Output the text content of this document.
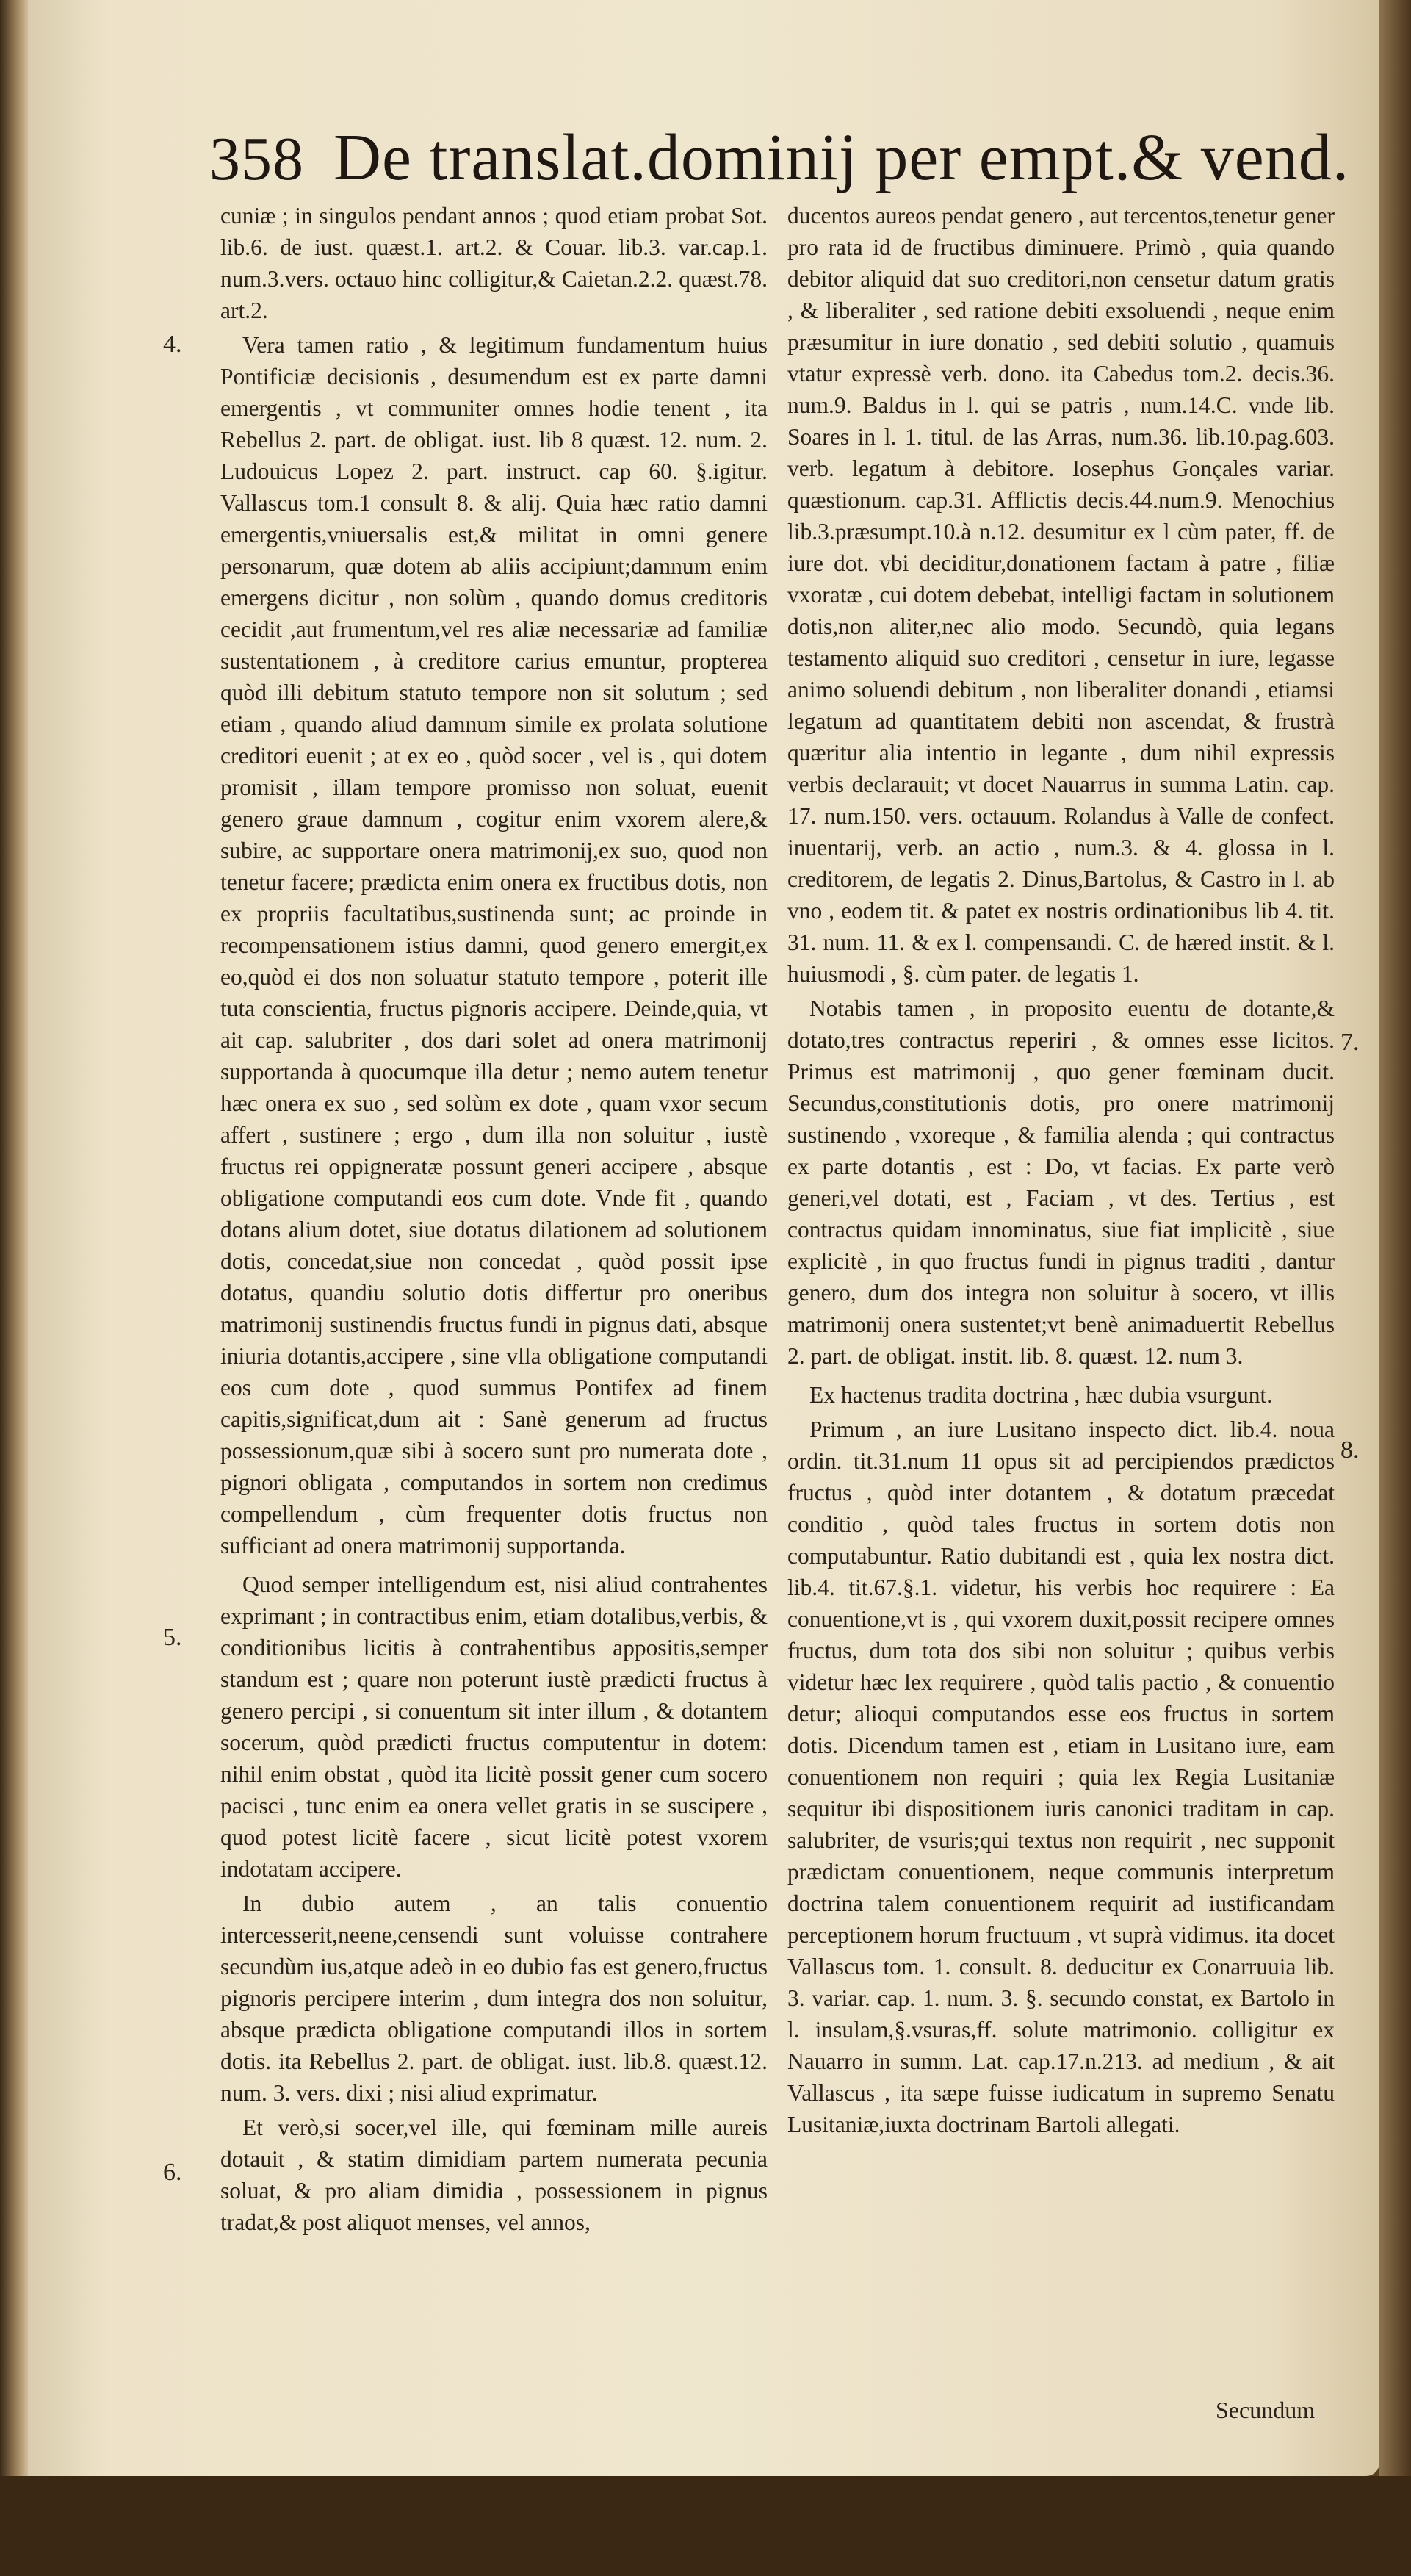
358 De translat.dominij per empt.& vend.
4.
5.
6.
7.
8.

cuniæ ; in singulos pendant annos ; quod etiam probat Sot. lib.6. de iust. quæst.1. art.2. & Couar. lib.3. var.cap.1. num.3.vers. octauo hinc colligitur,& Caietan.2.2. quæst.78. art.2.

Vera tamen ratio , & legitimum fundamentum huius Pontificiæ decisionis , desumendum est ex parte damni emergentis , vt communiter omnes hodie tenent , ita Rebellus 2. part. de obligat. iust. lib 8 quæst. 12. num. 2. Ludouicus Lopez 2. part. instruct. cap 60. §.igitur. Vallascus tom.1 consult 8. & alij. Quia hæc ratio damni emergentis,vniuersalis est,& militat in omni genere personarum, quæ dotem ab aliis accipiunt;damnum enim emergens dicitur , non solùm , quando domus creditoris cecidit ,aut frumentum,vel res aliæ necessariæ ad familiæ sustentationem , à creditore carius emuntur, propterea quòd illi debitum statuto tempore non sit solutum ; sed etiam , quando aliud damnum simile ex prolata solutione creditori euenit ; at ex eo , quòd socer , vel is , qui dotem promisit , illam tempore promisso non soluat, euenit genero graue damnum , cogitur enim vxorem alere,& subire, ac supportare onera matrimonij,ex suo, quod non tenetur facere; prædicta enim onera ex fructibus dotis, non ex propriis facultatibus,sustinenda sunt; ac proinde in recompensationem istius damni, quod genero emergit,ex eo,quòd ei dos non soluatur statuto tempore , poterit ille tuta conscientia, fructus pignoris accipere. Deinde,quia, vt ait cap. salubriter , dos dari solet ad onera matrimonij supportanda à quocumque illa detur ; nemo autem tenetur hæc onera ex suo , sed solùm ex dote , quam vxor secum affert , sustinere ; ergo , dum illa non soluitur , iustè fructus rei oppigneratæ possunt generi accipere , absque obligatione computandi eos cum dote. Vnde fit , quando dotans alium dotet, siue dotatus dilationem ad solutionem dotis, concedat,siue non concedat , quòd possit ipse dotatus, quandiu solutio dotis differtur pro oneribus matrimonij sustinendis fructus fundi in pignus dati, absque iniuria dotantis,accipere , sine vlla obligatione computandi eos cum dote , quod summus Pontifex ad finem capitis,significat,dum ait : Sanè generum ad fructus possessionum,quæ sibi à socero sunt pro numerata dote , pignori obligata , computandos in sortem non credimus compellendum , cùm frequenter dotis fructus non sufficiant ad onera matrimonij supportanda.

Quod semper intelligendum est, nisi aliud contrahentes exprimant ; in contractibus enim, etiam dotalibus,verbis, & conditionibus licitis à contrahentibus appositis,semper standum est ; quare non poterunt iustè prædicti fructus à genero percipi , si conuentum sit inter illum , & dotantem socerum, quòd prædicti fructus computentur in dotem: nihil enim obstat , quòd ita licitè possit gener cum socero pacisci , tunc enim ea onera vellet gratis in se suscipere , quod potest licitè facere , sicut licitè potest vxorem indotatam accipere.

In dubio autem , an talis conuentio intercesserit,neene,censendi sunt voluisse contrahere secundùm ius,atque adeò in eo dubio fas est genero,fructus pignoris percipere interim , dum integra dos non soluitur, absque prædicta obligatione computandi illos in sortem dotis. ita Rebellus 2. part. de obligat. iust. lib.8. quæst.12. num. 3. vers. dixi ; nisi aliud exprimatur.

Et verò,si socer,vel ille, qui fœminam mille aureis dotauit , & statim dimidiam partem numerata pecunia soluat, & pro aliam dimidia , possessionem in pignus tradat,& post aliquot menses, vel annos,

ducentos aureos pendat genero , aut tercentos,tenetur gener pro rata id de fructibus diminuere. Primò , quia quando debitor aliquid dat suo creditori,non censetur datum gratis , & liberaliter , sed ratione debiti exsoluendi , neque enim præsumitur in iure donatio , sed debiti solutio , quamuis vtatur expressè verb. dono. ita Cabedus tom.2. decis.36. num.9. Baldus in l. qui se patris , num.14.C. vnde lib. Soares in l. 1. titul. de las Arras, num.36. lib.10.pag.603. verb. legatum à debitore. Iosephus Gonçales variar. quæstionum. cap.31. Afflictis decis.44.num.9. Menochius lib.3.præsumpt.10.à n.12. desumitur ex l cùm pater, ff. de iure dot. vbi deciditur,donationem factam à patre , filiæ vxoratæ , cui dotem debebat, intelligi factam in solutionem dotis,non aliter,nec alio modo. Secundò, quia legans testamento aliquid suo creditori , censetur in iure, legasse animo soluendi debitum , non liberaliter donandi , etiamsi legatum ad quantitatem debiti non ascendat, & frustrà quæritur alia intentio in legante , dum nihil expressis verbis declarauit; vt docet Nauarrus in summa Latin. cap. 17. num.150. vers. octauum. Rolandus à Valle de confect. inuentarij, verb. an actio , num.3. & 4. glossa in l. creditorem, de legatis 2. Dinus,Bartolus, & Castro in l. ab vno , eodem tit. & patet ex nostris ordinationibus lib 4. tit. 31. num. 11. & ex l. compensandi. C. de hæred instit. & l. huiusmodi , §. cùm pater. de legatis 1.

Notabis tamen , in proposito euentu de dotante,& dotato,tres contractus reperiri , & omnes esse licitos. Primus est matrimonij , quo gener fœminam ducit. Secundus,constitutionis dotis, pro onere matrimonij sustinendo , vxoreque , & familia alenda ; qui contractus ex parte dotantis , est : Do, vt facias. Ex parte verò generi,vel dotati, est , Faciam , vt des. Tertius , est contractus quidam innominatus, siue fiat implicitè , siue explicitè , in quo fructus fundi in pignus traditi , dantur genero, dum dos integra non soluitur à socero, vt illis matrimonij onera sustentet;vt benè animaduertit Rebellus 2. part. de obligat. instit. lib. 8. quæst. 12. num 3.

Ex hactenus tradita doctrina , hæc dubia vsurgunt.

Primum , an iure Lusitano inspecto dict. lib.4. noua ordin. tit.31.num 11 opus sit ad percipiendos prædictos fructus , quòd inter dotantem , & dotatum præcedat conditio , quòd tales fructus in sortem dotis non computabuntur. Ratio dubitandi est , quia lex nostra dict. lib.4. tit.67.§.1. videtur, his verbis hoc requirere : Ea conuentione,vt is , qui vxorem duxit,possit recipere omnes fructus, dum tota dos sibi non soluitur ; quibus verbis videtur hæc lex requirere , quòd talis pactio , & conuentio detur; alioqui computandos esse eos fructus in sortem dotis. Dicendum tamen est , etiam in Lusitano iure, eam conuentionem non requiri ; quia lex Regia Lusitaniæ sequitur ibi dispositionem iuris canonici traditam in cap. salubriter, de vsuris;qui textus non requirit , nec supponit prædictam conuentionem, neque communis interpretum doctrina talem conuentionem requirit ad iustificandam perceptionem horum fructuum , vt suprà vidimus. ita docet Vallascus tom. 1. consult. 8. deducitur ex Conarruuia lib. 3. variar. cap. 1. num. 3. §. secundo constat, ex Bartolo in l. insulam,§.vsuras,ff. solute matrimonio. colligitur ex Nauarro in summ. Lat. cap.17.n.213. ad medium , & ait Vallascus , ita sæpe fuisse iudicatum in supremo Senatu Lusitaniæ,iuxta doctrinam Bartoli allegati.

Secundum
